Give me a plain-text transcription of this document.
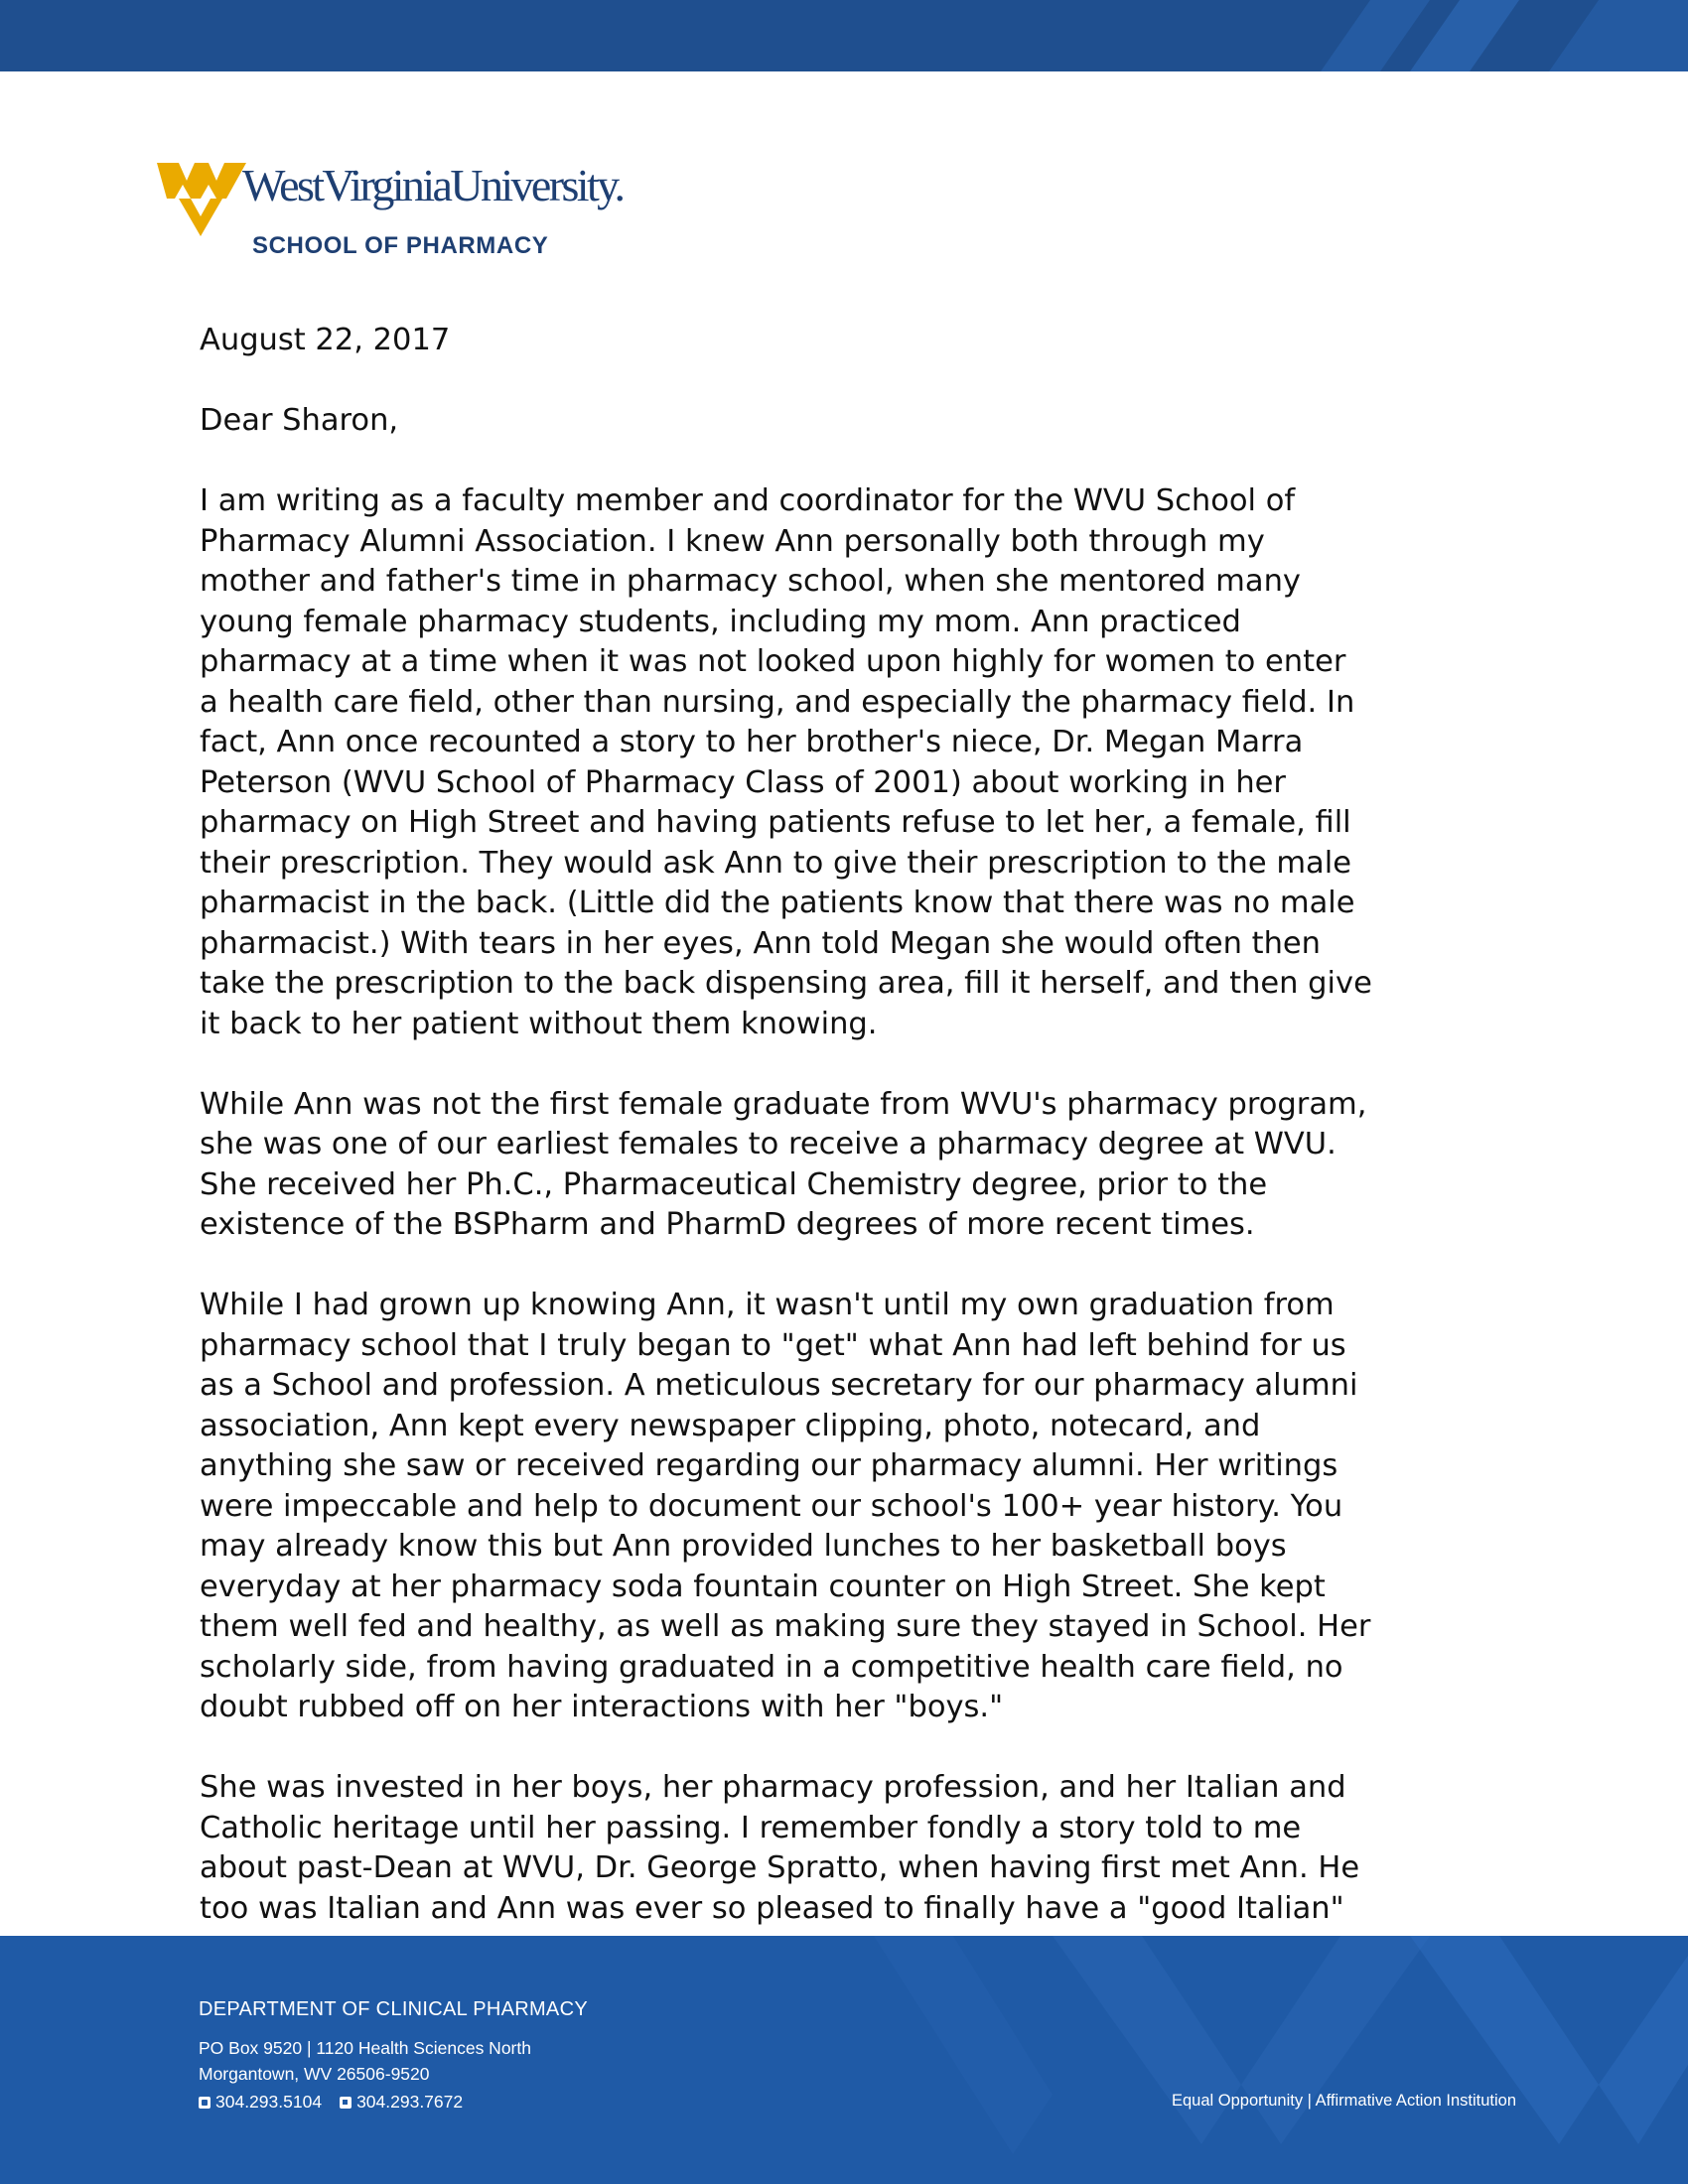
WestVirginiaUniversity.
SCHOOL OF PHARMACY

August 22, 2017

Dear Sharon,

I am writing as a faculty member and coordinator for the WVU School of
Pharmacy Alumni Association. I knew Ann personally both through my
mother and father's time in pharmacy school, when she mentored many
young female pharmacy students, including my mom. Ann practiced
pharmacy at a time when it was not looked upon highly for women to enter
a health care field, other than nursing, and especially the pharmacy field. In
fact, Ann once recounted a story to her brother's niece, Dr. Megan Marra
Peterson (WVU School of Pharmacy Class of 2001) about working in her
pharmacy on High Street and having patients refuse to let her, a female, fill
their prescription. They would ask Ann to give their prescription to the male
pharmacist in the back. (Little did the patients know that there was no male
pharmacist.) With tears in her eyes, Ann told Megan she would often then
take the prescription to the back dispensing area, fill it herself, and then give
it back to her patient without them knowing.

While Ann was not the first female graduate from WVU's pharmacy program,
she was one of our earliest females to receive a pharmacy degree at WVU.
She received her Ph.C., Pharmaceutical Chemistry degree, prior to the
existence of the BSPharm and PharmD degrees of more recent times.

While I had grown up knowing Ann, it wasn't until my own graduation from
pharmacy school that I truly began to "get" what Ann had left behind for us
as a School and profession. A meticulous secretary for our pharmacy alumni
association, Ann kept every newspaper clipping, photo, notecard, and
anything she saw or received regarding our pharmacy alumni. Her writings
were impeccable and help to document our school's 100+ year history. You
may already know this but Ann provided lunches to her basketball boys
everyday at her pharmacy soda fountain counter on High Street. She kept
them well fed and healthy, as well as making sure they stayed in School. Her
scholarly side, from having graduated in a competitive health care field, no
doubt rubbed off on her interactions with her "boys."

She was invested in her boys, her pharmacy profession, and her Italian and
Catholic heritage until her passing. I remember fondly a story told to me
about past-Dean at WVU, Dr. George Spratto, when having first met Ann. He
too was Italian and Ann was ever so pleased to finally have a "good Italian"

DEPARTMENT OF CLINICAL PHARMACY
PO Box 9520 | 1120 Health Sciences North
Morgantown, WV 26506-9520
304.293.5104 304.293.7672	Equal Opportunity | Affirmative Action Institution
